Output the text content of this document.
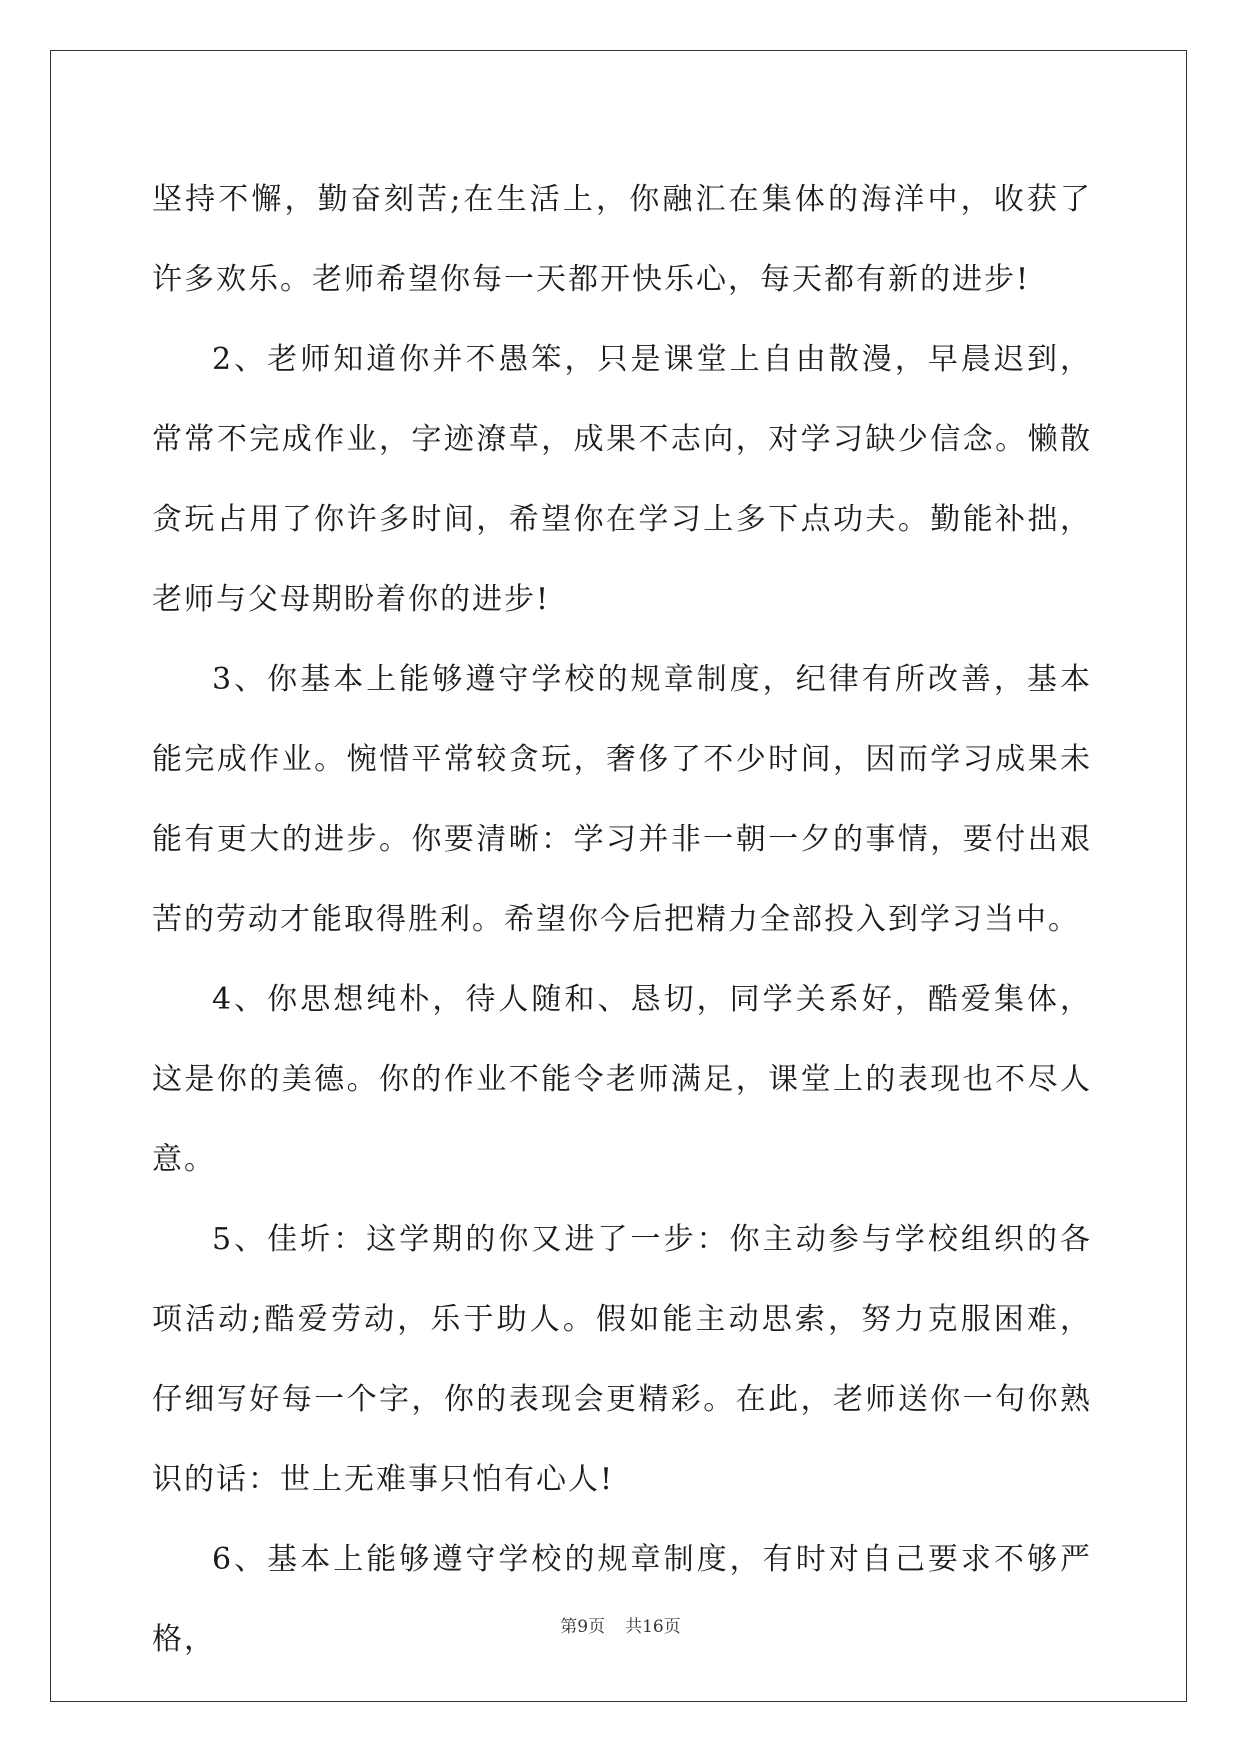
坚持不懈，勤奋刻苦;在生活上，你融汇在集体的海洋中，收获了许多欢乐。老师希望你每一天都开快乐心，每天都有新的进步!

2、老师知道你并不愚笨，只是课堂上自由散漫，早晨迟到，常常不完成作业，字迹潦草，成果不志向，对学习缺少信念。懒散贪玩占用了你许多时间，希望你在学习上多下点功夫。勤能补拙，老师与父母期盼着你的进步!

3、你基本上能够遵守学校的规章制度，纪律有所改善，基本能完成作业。惋惜平常较贪玩，奢侈了不少时间，因而学习成果未能有更大的进步。你要清晰：学习并非一朝一夕的事情，要付出艰苦的劳动才能取得胜利。希望你今后把精力全部投入到学习当中。

4、你思想纯朴，待人随和、恳切，同学关系好，酷爱集体，这是你的美德。你的作业不能令老师满足，课堂上的表现也不尽人意。

5、佳圻：这学期的你又进了一步：你主动参与学校组织的各项活动;酷爱劳动，乐于助人。假如能主动思索，努力克服困难，仔细写好每一个字，你的表现会更精彩。在此，老师送你一句你熟识的话：世上无难事只怕有心人!

6、基本上能够遵守学校的规章制度，有时对自己要求不够严格，	第9页 共16页
